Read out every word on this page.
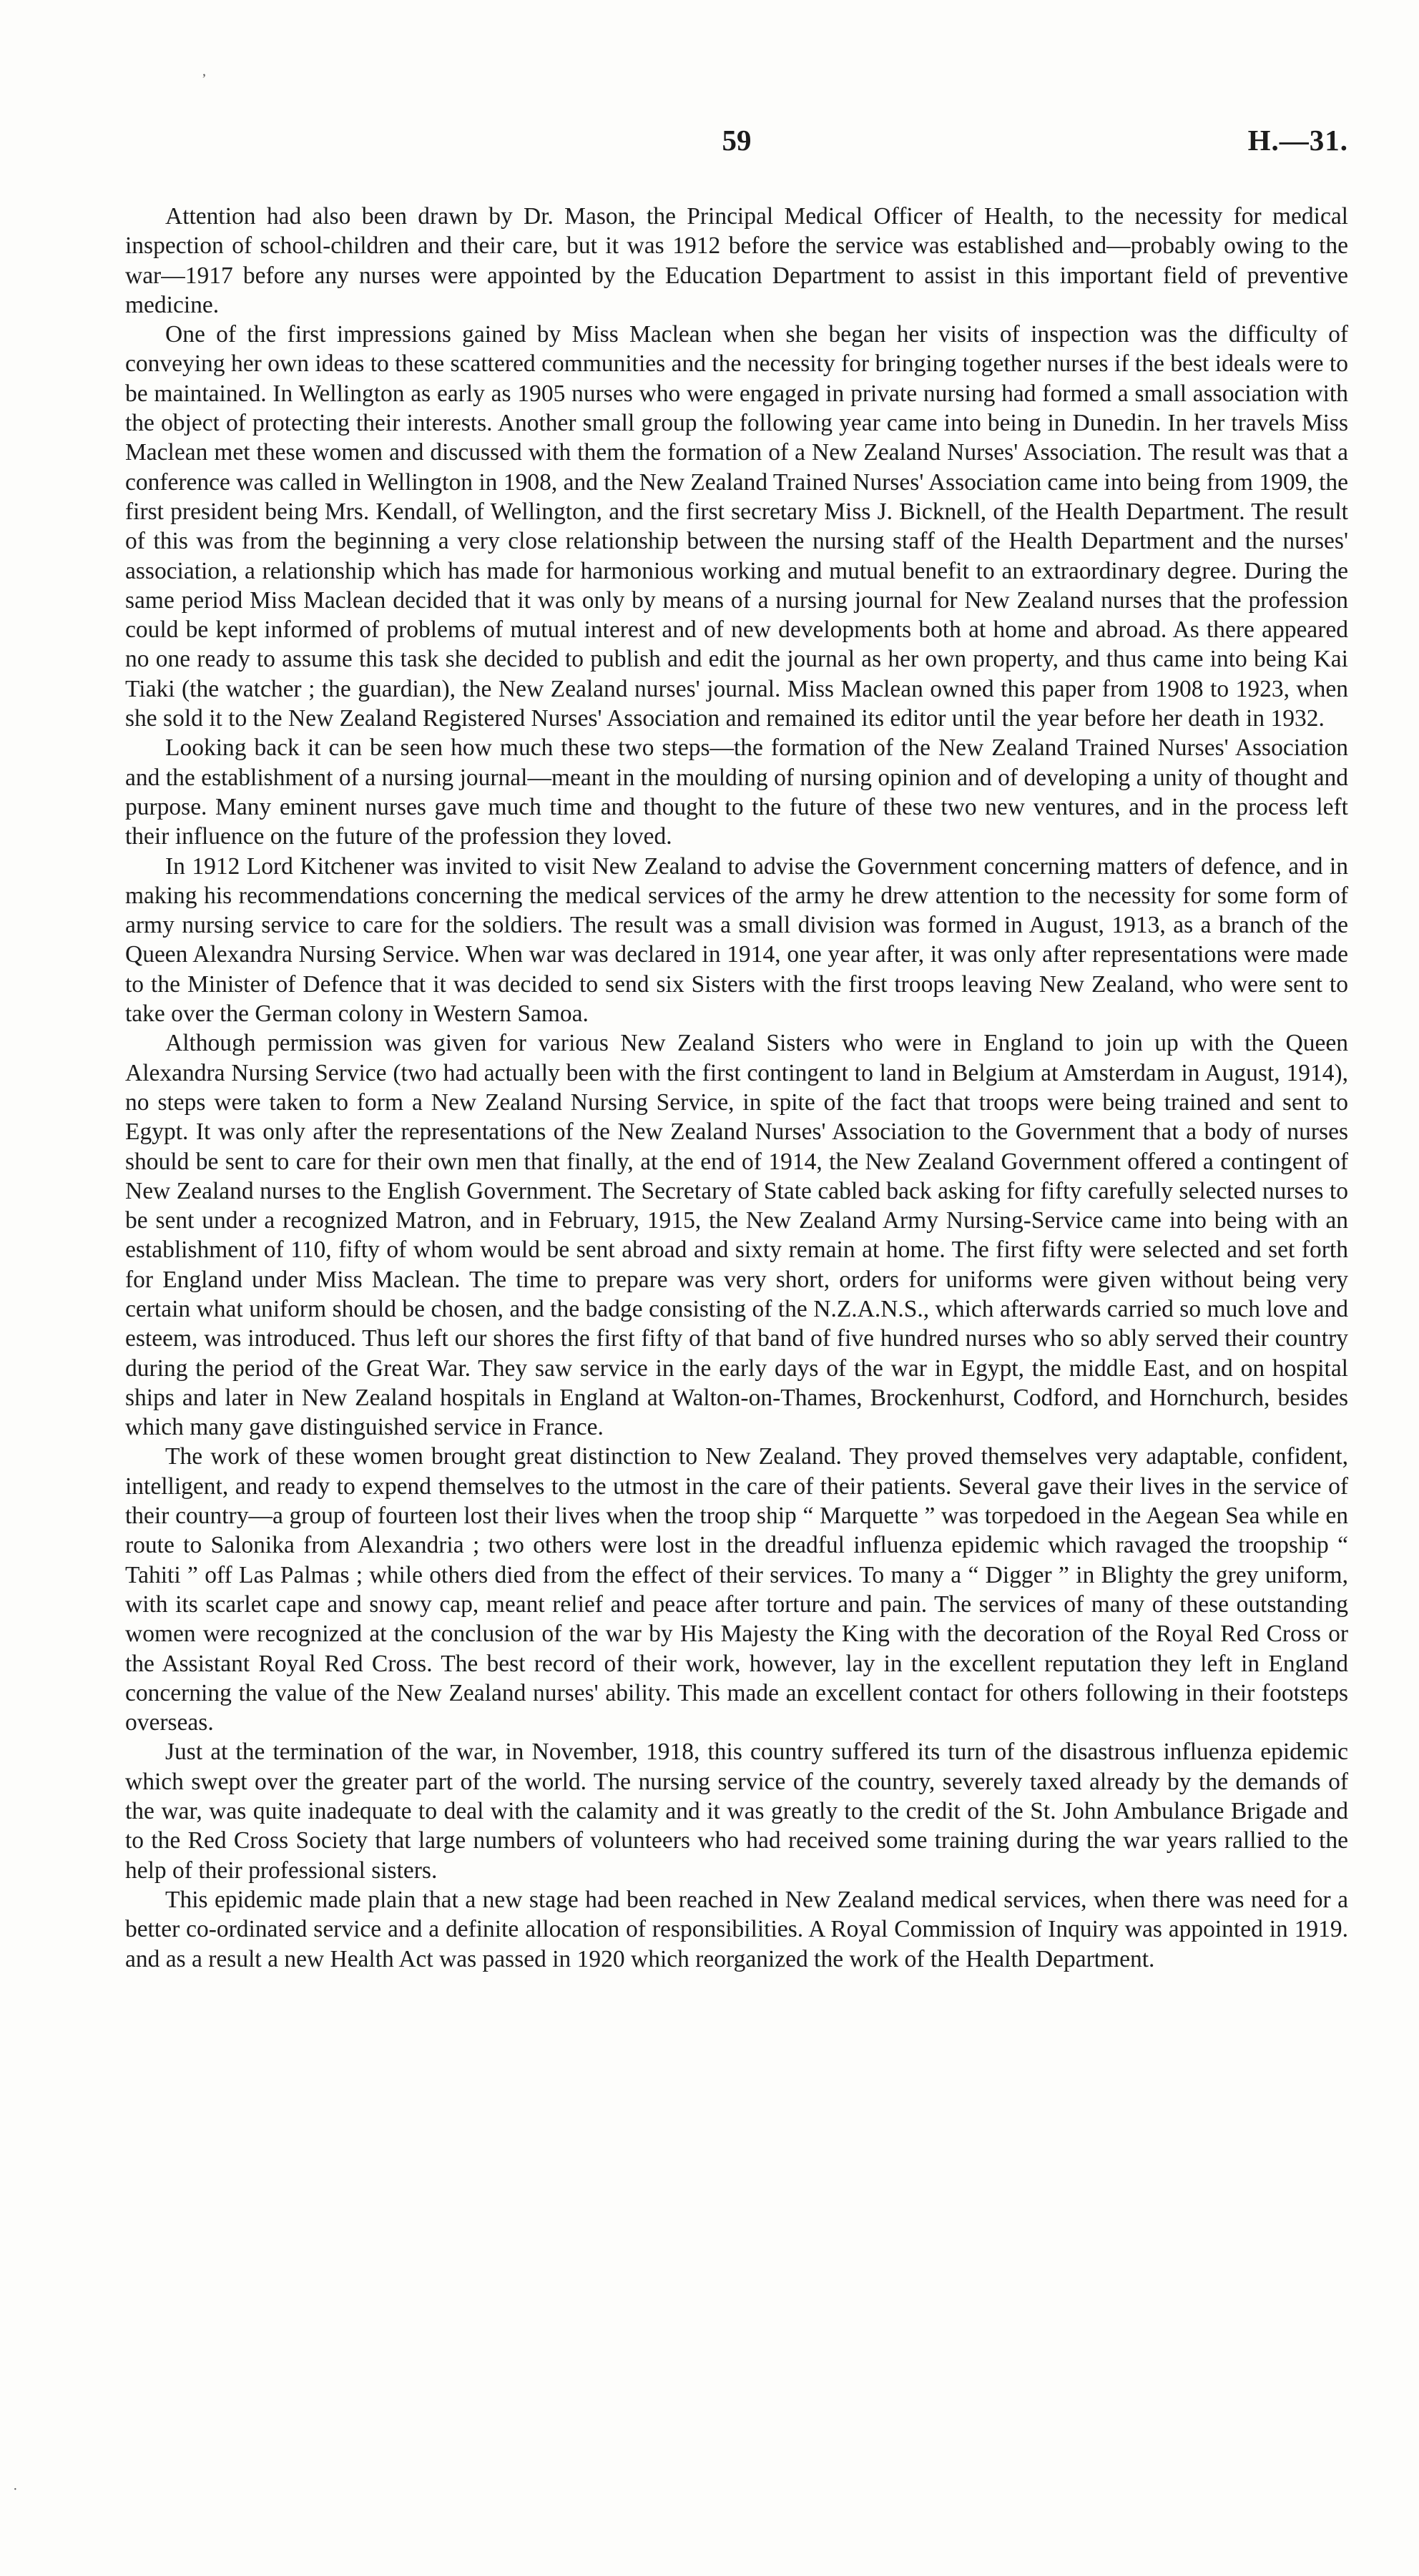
ʼ
59	H.—31.

Attention had also been drawn by Dr. Mason, the Principal Medical Officer of Health, to the necessity for medical inspection of school-children and their care, but it was 1912 before the service was established and—probably owing to the war—1917 before any nurses were appointed by the Education Department to assist in this important field of preventive medicine.

One of the first impressions gained by Miss Maclean when she began her visits of inspection was the difficulty of conveying her own ideas to these scattered communities and the necessity for bringing together nurses if the best ideals were to be maintained. In Wellington as early as 1905 nurses who were engaged in private nursing had formed a small association with the object of protecting their interests. Another small group the following year came into being in Dunedin. In her travels Miss Maclean met these women and discussed with them the formation of a New Zealand Nurses' Association. The result was that a conference was called in Wellington in 1908, and the New Zealand Trained Nurses' Association came into being from 1909, the first president being Mrs. Kendall, of Wellington, and the first secretary Miss J. Bicknell, of the Health Department. The result of this was from the beginning a very close relationship between the nursing staff of the Health Department and the nurses' association, a relationship which has made for harmonious working and mutual benefit to an extraordinary degree. During the same period Miss Maclean decided that it was only by means of a nursing journal for New Zealand nurses that the profession could be kept informed of problems of mutual interest and of new developments both at home and abroad. As there appeared no one ready to assume this task she decided to publish and edit the journal as her own property, and thus came into being Kai Tiaki (the watcher ; the guardian), the New Zealand nurses' journal. Miss Maclean owned this paper from 1908 to 1923, when she sold it to the New Zealand Registered Nurses' Association and remained its editor until the year before her death in 1932.

Looking back it can be seen how much these two steps—the formation of the New Zealand Trained Nurses' Association and the establishment of a nursing journal—meant in the moulding of nursing opinion and of developing a unity of thought and purpose. Many eminent nurses gave much time and thought to the future of these two new ventures, and in the process left their influence on the future of the profession they loved.

In 1912 Lord Kitchener was invited to visit New Zealand to advise the Government concerning matters of defence, and in making his recommendations concerning the medical services of the army he drew attention to the necessity for some form of army nursing service to care for the soldiers. The result was a small division was formed in August, 1913, as a branch of the Queen Alexandra Nursing Service. When war was declared in 1914, one year after, it was only after representations were made to the Minister of Defence that it was decided to send six Sisters with the first troops leaving New Zealand, who were sent to take over the German colony in Western Samoa.

Although permission was given for various New Zealand Sisters who were in England to join up with the Queen Alexandra Nursing Service (two had actually been with the first contingent to land in Belgium at Amsterdam in August, 1914), no steps were taken to form a New Zealand Nursing Service, in spite of the fact that troops were being trained and sent to Egypt. It was only after the representations of the New Zealand Nurses' Association to the Government that a body of nurses should be sent to care for their own men that finally, at the end of 1914, the New Zealand Government offered a contingent of New Zealand nurses to the English Government. The Secretary of State cabled back asking for fifty carefully selected nurses to be sent under a recognized Matron, and in February, 1915, the New Zealand Army Nursing-Service came into being with an establishment of 110, fifty of whom would be sent abroad and sixty remain at home. The first fifty were selected and set forth for England under Miss Maclean. The time to prepare was very short, orders for uniforms were given without being very certain what uniform should be chosen, and the badge consisting of the N.Z.A.N.S., which afterwards carried so much love and esteem, was introduced. Thus left our shores the first fifty of that band of five hundred nurses who so ably served their country during the period of the Great War. They saw service in the early days of the war in Egypt, the middle East, and on hospital ships and later in New Zealand hospitals in England at Walton-on-Thames, Brockenhurst, Codford, and Hornchurch, besides which many gave distinguished service in France.

The work of these women brought great distinction to New Zealand. They proved themselves very adaptable, confident, intelligent, and ready to expend themselves to the utmost in the care of their patients. Several gave their lives in the service of their country—a group of fourteen lost their lives when the troop ship “ Marquette ” was torpedoed in the Aegean Sea while en route to Salonika from Alexandria ; two others were lost in the dreadful influenza epidemic which ravaged the troopship “ Tahiti ” off Las Palmas ; while others died from the effect of their services. To many a “ Digger ” in Blighty the grey uniform, with its scarlet cape and snowy cap, meant relief and peace after torture and pain. The services of many of these outstanding women were recognized at the conclusion of the war by His Majesty the King with the decoration of the Royal Red Cross or the Assistant Royal Red Cross. The best record of their work, however, lay in the excellent reputation they left in England concerning the value of the New Zealand nurses' ability. This made an excellent contact for others following in their footsteps overseas.

Just at the termination of the war, in November, 1918, this country suffered its turn of the disastrous influenza epidemic which swept over the greater part of the world. The nursing service of the country, severely taxed already by the demands of the war, was quite inadequate to deal with the calamity and it was greatly to the credit of the St. John Ambulance Brigade and to the Red Cross Society that large numbers of volunteers who had received some training during the war years rallied to the help of their professional sisters.

This epidemic made plain that a new stage had been reached in New Zealand medical services, when there was need for a better co-ordinated service and a definite allocation of responsibilities. A Royal Commission of Inquiry was appointed in 1919. and as a result a new Health Act was passed in 1920 which reorganized the work of the Health Department.

·
